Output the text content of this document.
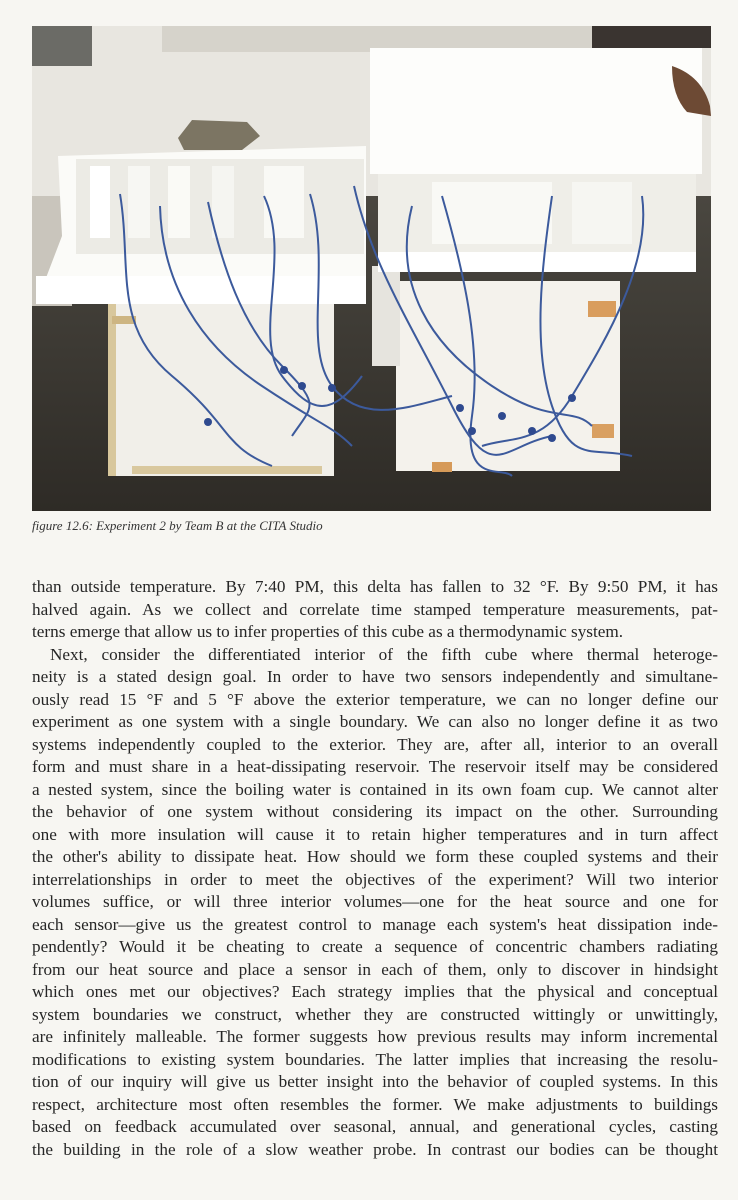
figure 12.6: Experiment 2 by Team B at the CITA Studio

than outside temperature. By 7:40 PM, this delta has fallen to 32 °F. By 9:50 PM, it has

halved again. As we collect and correlate time stamped temperature measurements, pat-

terns emerge that allow us to infer properties of this cube as a thermodynamic system.

Next, consider the differentiated interior of the fifth cube where thermal heteroge-

neity is a stated design goal. In order to have two sensors independently and simultane-

ously read 15 °F and 5 °F above the exterior temperature, we can no longer define our

experiment as one system with a single boundary. We can also no longer define it as two

systems independently coupled to the exterior. They are, after all, interior to an overall

form and must share in a heat-dissipating reservoir. The reservoir itself may be considered

a nested system, since the boiling water is contained in its own foam cup. We cannot alter

the behavior of one system without considering its impact on the other. Surrounding

one with more insulation will cause it to retain higher temperatures and in turn affect

the other's ability to dissipate heat. How should we form these coupled systems and their

interrelationships in order to meet the objectives of the experiment? Will two interior

volumes suffice, or will three interior volumes—one for the heat source and one for

each sensor—give us the greatest control to manage each system's heat dissipation inde-

pendently? Would it be cheating to create a sequence of concentric chambers radiating

from our heat source and place a sensor in each of them, only to discover in hindsight

which ones met our objectives? Each strategy implies that the physical and conceptual

system boundaries we construct, whether they are constructed wittingly or unwittingly,

are infinitely malleable. The former suggests how previous results may inform incremental

modifications to existing system boundaries. The latter implies that increasing the resolu-

tion of our inquiry will give us better insight into the behavior of coupled systems. In this

respect, architecture most often resembles the former. We make adjustments to buildings

based on feedback accumulated over seasonal, annual, and generational cycles, casting

the building in the role of a slow weather probe. In contrast our bodies can be thought
